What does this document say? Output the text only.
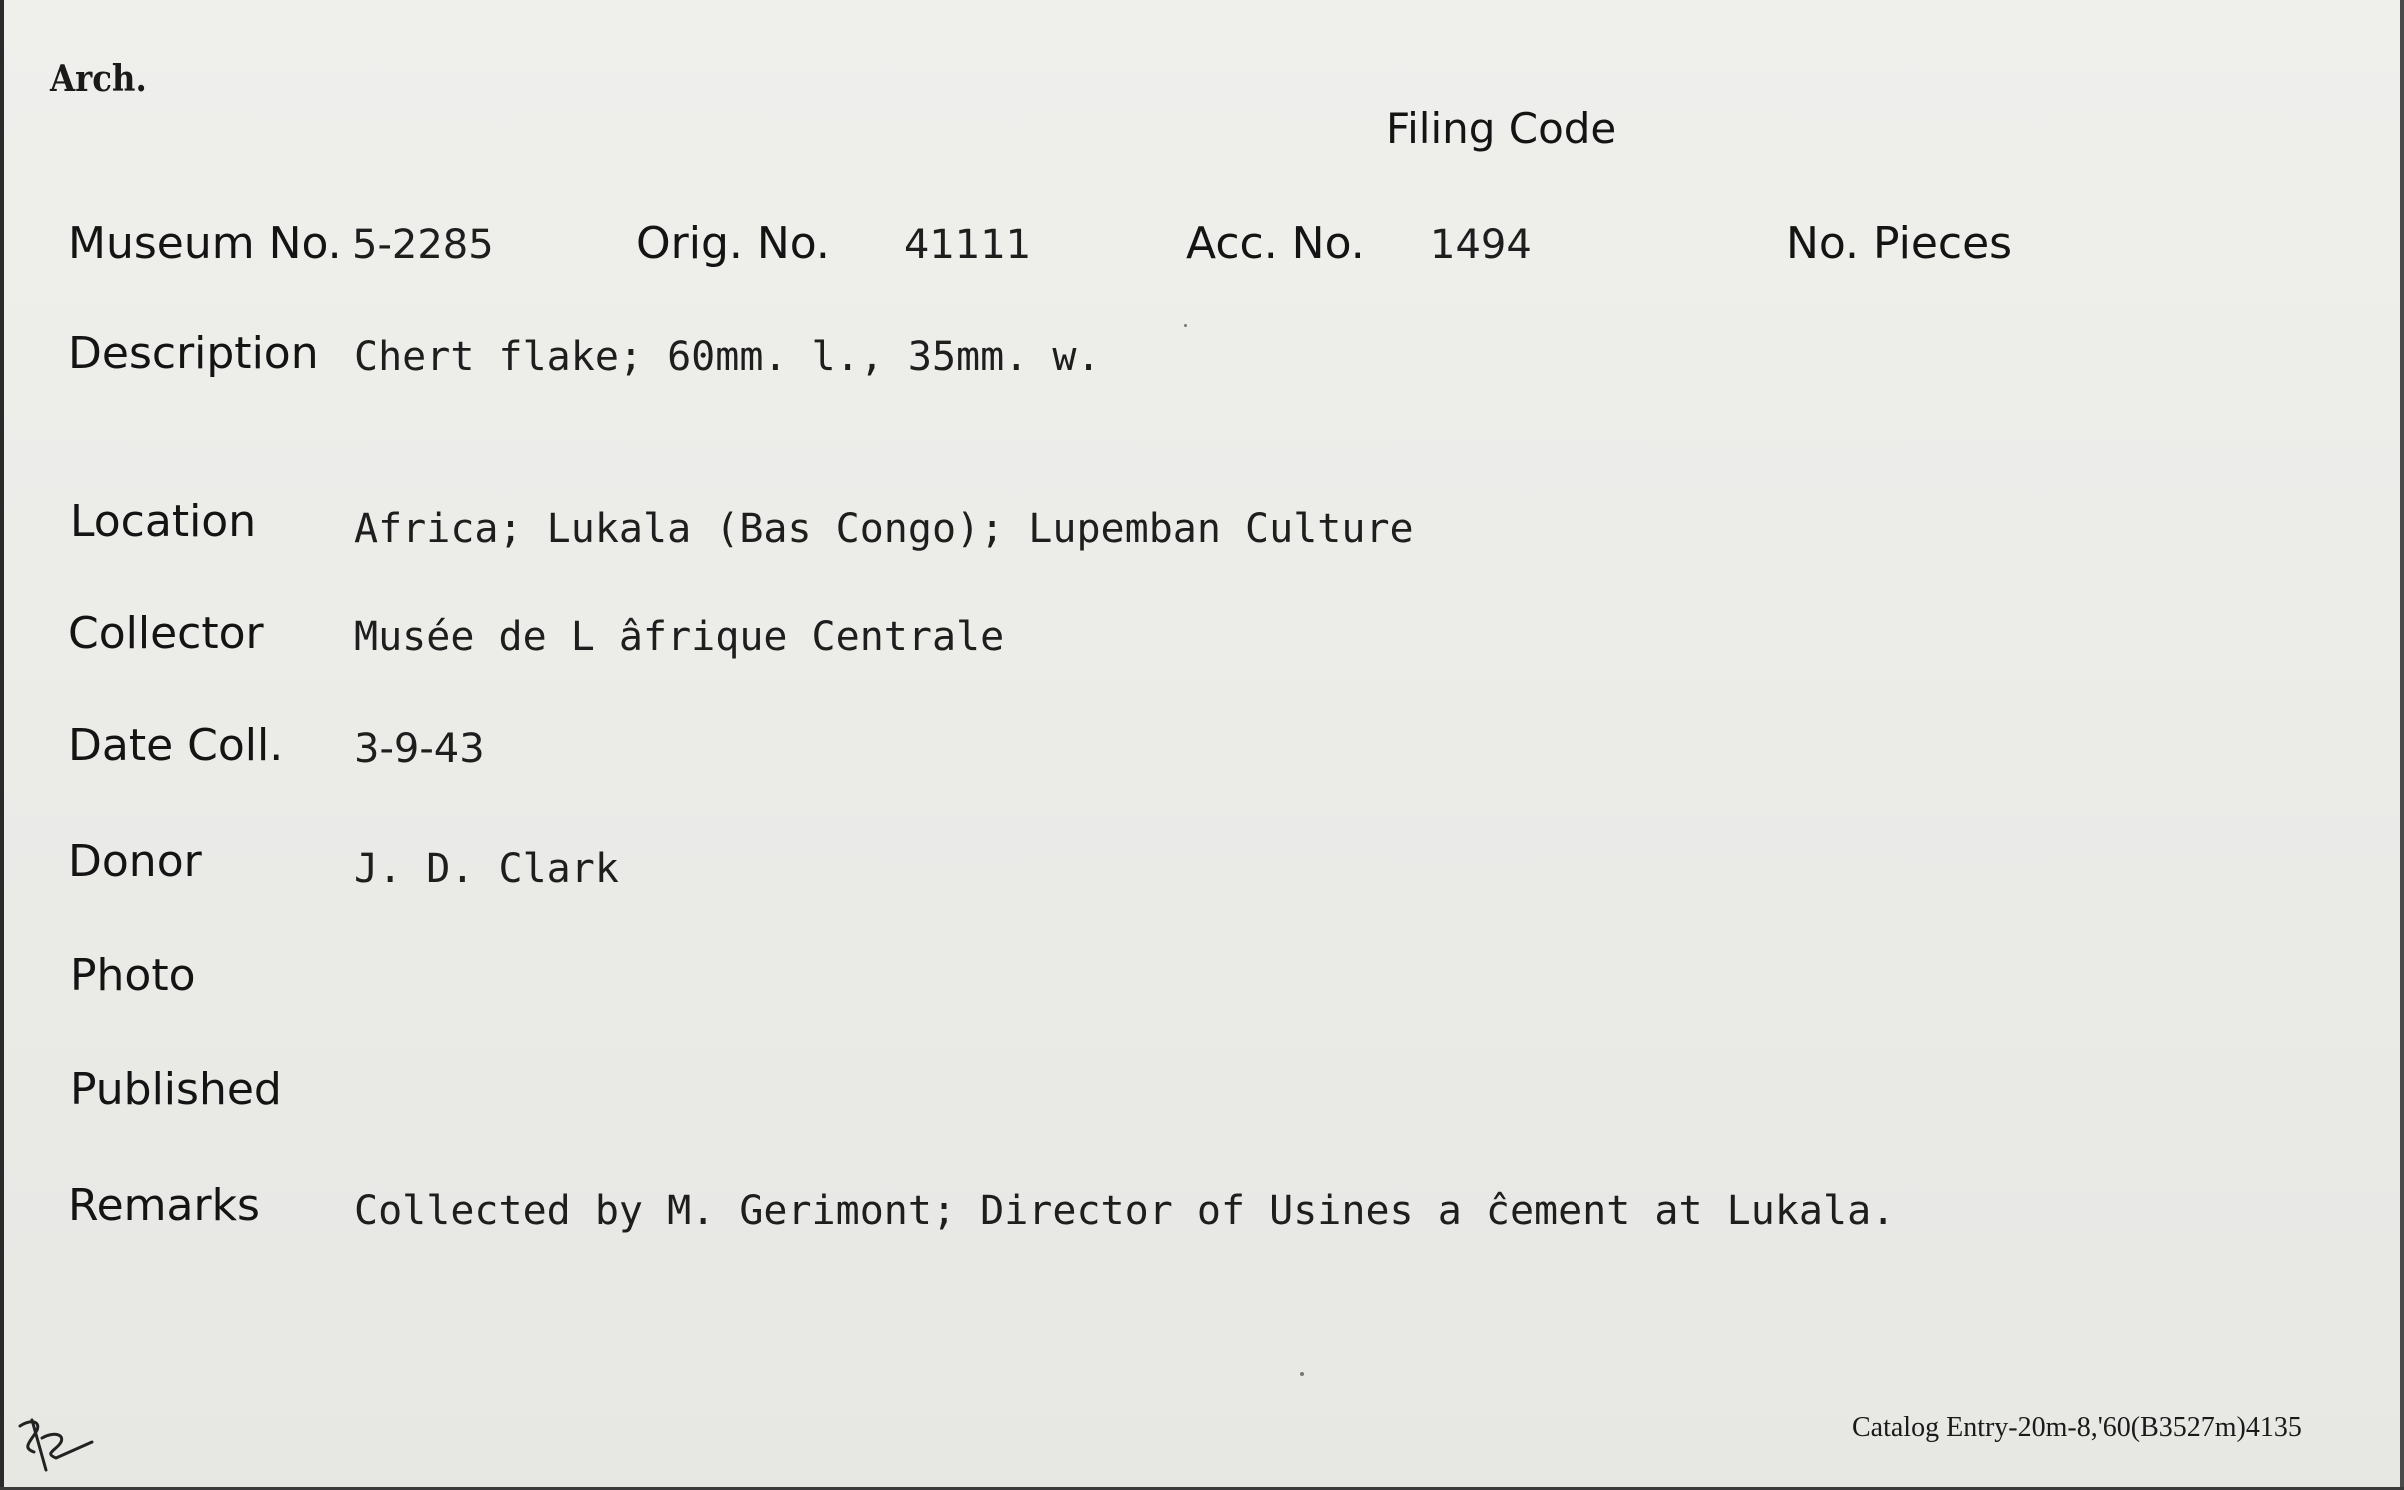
Arch.
Filing Code
Museum No. 5-2285	Orig. No. 41111	Acc. No. 1494	No. Pieces
Description Chert flake; 60mm. l., 35mm. w.
Location Africa; Lukala (Bas Congo); Lupemban Culture
Collector Musée de L âfrique Centrale
Date Coll. 3-9-43
Donor	J. D. Clark
Photo
Published
Remarks Collected by M. Gerimont; Director of Usines a ĉement at Lukala.
Catalog Entry-20m-8,'60(B3527m)4135
